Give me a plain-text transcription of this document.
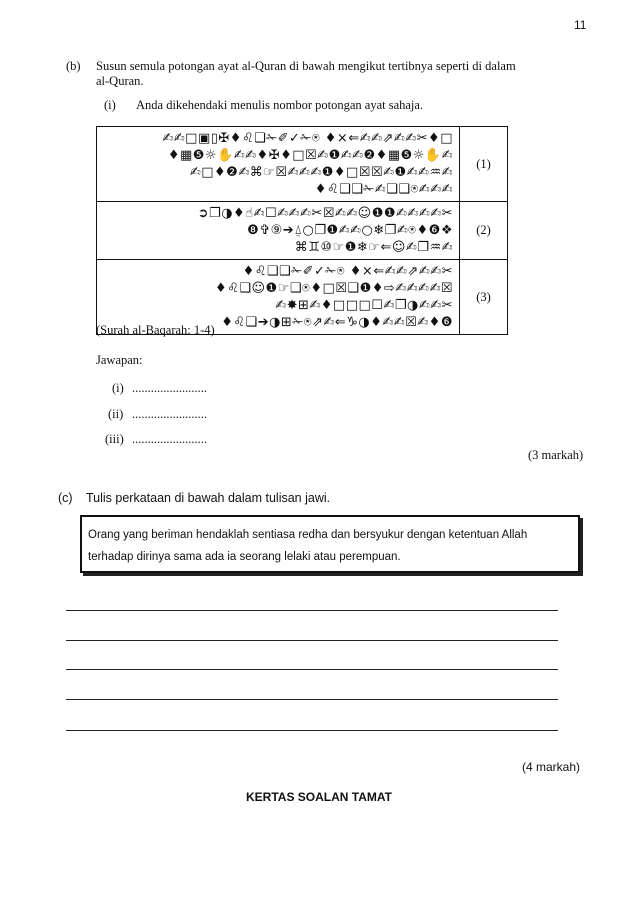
11
(b) Susun semula potongan ayat al-Quran di bawah mengikut tertibnya seperti di dalam al-Quran.
(i) Anda dikehendaki menulis nombor potongan ayat sahaja.
✍✍□▣▯✠♦♌❑✁✐✓✁⍟ ♦×⇐✍✍⇗✍✍✂♦□
♦▦❺☼✋✍✍♦✠♦□☒✍❶✍✍❷♦▦❺☼✋✍
✍□♦❷✍⌘☞☒✍✍✍❶♦□☒☒✍❶✍✍♒✍
♦♌❑❑✁✍❑❑⍟✍✍✍	(1)
➲❐◑♦☝✍☐✍✍✍✂☒✍✍☺❶❶✍✍✍✍✂
❽✞⑨➔⍙○❐❶✍✍○❄❐✍⍟♦❻❖
⌘♊⑩☞❶❄☞⇐☺✍❐♒✍	(2)
♦♌❑❑✁✐✓✁⍟ ♦×⇐✍✍⇗✍✍✂
♦♌❑☺❶☞❑⍟♦□☒❑❶♦⇨✍✍✍✍☒
✍✸⊞✍♦□□□☐✍❐◑✍✍✂
♦♌❑➔◑⊞✁⍟⇗✍⇐♑◑♦✍✍☒✍♦❻	(3)
(Surah al-Baqarah: 1-4)
Jawapan:
(i) ........................
(ii) ........................
(iii) ........................
(3 markah)
(c) Tulis perkataan di bawah dalam tulisan jawi.
Orang yang beriman hendaklah sentiasa redha dan bersyukur dengan ketentuan Allah terhadap dirinya sama ada ia seorang lelaki atau perempuan.
(4 markah)
KERTAS SOALAN TAMAT
